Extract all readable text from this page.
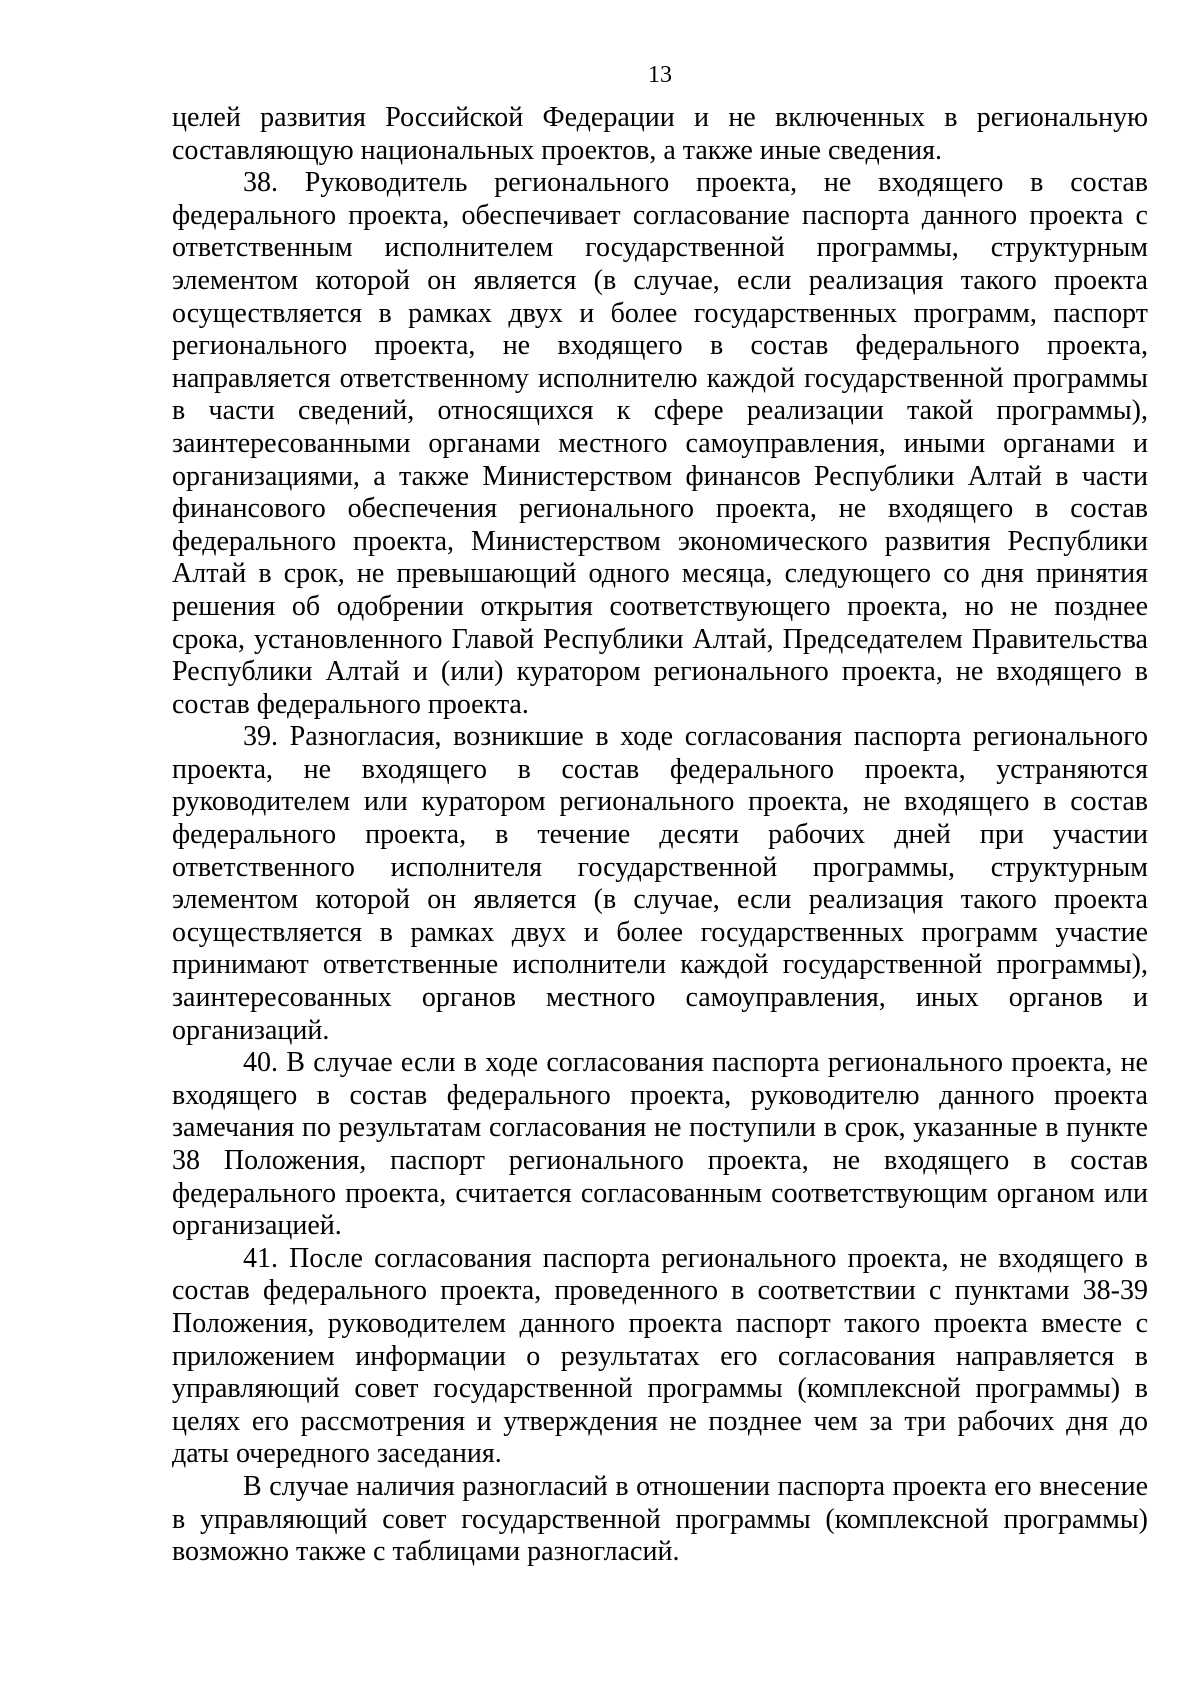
13

целей развития Российской Федерации и не включенных в региональную составляющую национальных проектов, а также иные сведения.

38. Руководитель регионального проекта, не входящего в состав федерального проекта, обеспечивает согласование паспорта данного проекта с ответственным исполнителем государственной программы, структурным элементом которой он является (в случае, если реализация такого проекта осуществляется в рамках двух и более государственных программ, паспорт регионального проекта, не входящего в состав федерального проекта, направляется ответственному исполнителю каждой государственной программы в части сведений, относящихся к сфере реализации такой программы), заинтересованными органами местного самоуправления, иными органами и организациями, а также Министерством финансов Республики Алтай в части финансового обеспечения регионального проекта, не входящего в состав федерального проекта, Министерством экономического развития Республики Алтай в срок, не превышающий одного месяца, следующего со дня принятия решения об одобрении открытия соответствующего проекта, но не позднее срока, установленного Главой Республики Алтай, Председателем Правительства Республики Алтай и (или) куратором регионального проекта, не входящего в состав федерального проекта.

39. Разногласия, возникшие в ходе согласования паспорта регионального проекта, не входящего в состав федерального проекта, устраняются руководителем или куратором регионального проекта, не входящего в состав федерального проекта, в течение десяти рабочих дней при участии ответственного исполнителя государственной программы, структурным элементом которой он является (в случае, если реализация такого проекта осуществляется в рамках двух и более государственных программ участие принимают ответственные исполнители каждой государственной программы), заинтересованных органов местного самоуправления, иных органов и организаций.

40. В случае если в ходе согласования паспорта регионального проекта, не входящего в состав федерального проекта, руководителю данного проекта замечания по результатам согласования не поступили в срок, указанные в пункте 38 Положения, паспорт регионального проекта, не входящего в состав федерального проекта, считается согласованным соответствующим органом или организацией.

41. После согласования паспорта регионального проекта, не входящего в состав федерального проекта, проведенного в соответствии с пунктами 38-39 Положения, руководителем данного проекта паспорт такого проекта вместе с приложением информации о результатах его согласования направляется в управляющий совет государственной программы (комплексной программы) в целях его рассмотрения и утверждения не позднее чем за три рабочих дня до даты очередного заседания.

В случае наличия разногласий в отношении паспорта проекта его внесение в управляющий совет государственной программы (комплексной программы) возможно также с таблицами разногласий.
